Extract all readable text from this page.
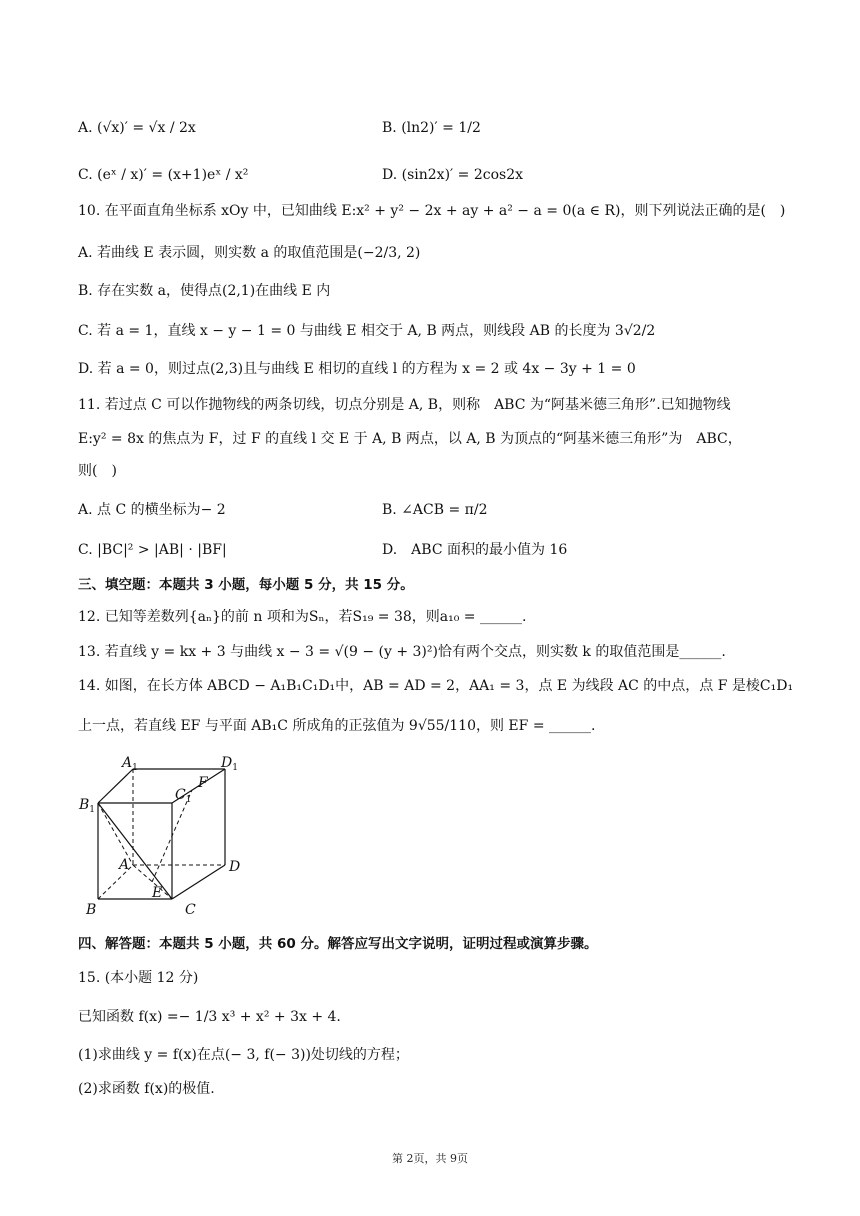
A. (√x)′ = √x / 2x	B. (ln2)′ = 1/2
C. (eˣ / x)′ = (x+1)eˣ / x²	D. (sin2x)′ = 2cos2x
10. 在平面直角坐标系 xOy 中，已知曲线 E:x² + y² − 2x + ay + a² − a = 0(a ∈ R)，则下列说法正确的是(　)
A. 若曲线 E 表示圆，则实数 a 的取值范围是(−2/3, 2)
B. 存在实数 a，使得点(2,1)在曲线 E 内
C. 若 a = 1，直线 x − y − 1 = 0 与曲线 E 相交于 A, B 两点，则线段 AB 的长度为 3√2/2
D. 若 a = 0，则过点(2,3)且与曲线 E 相切的直线 l 的方程为 x = 2 或 4x − 3y + 1 = 0
11. 若过点 C 可以作抛物线的两条切线，切点分别是 A, B，则称　ABC 为“阿基米德三角形”.已知抛物线
E:y² = 8x 的焦点为 F，过 F 的直线 l 交 E 于 A, B 两点，以 A, B 为顶点的“阿基米德三角形”为　ABC，
则(　)
A. 点 C 的横坐标为− 2	B. ∠ACB = π/2
C. |BC|² > |AB| · |BF|	D.　ABC 面积的最小值为 16
三、填空题：本题共 3 小题，每小题 5 分，共 15 分。
12. 已知等差数列{aₙ}的前 n 项和为Sₙ，若S₁₉ = 38，则a₁₀ = ______.
13. 若直线 y = kx + 3 与曲线 x − 3 = √(9 − (y + 3)²)恰有两个交点，则实数 k 的取值范围是______.
14. 如图，在长方体 ABCD − A₁B₁C₁D₁中，AB = AD = 2，AA₁ = 3，点 E 为线段 AC 的中点，点 F 是棱C₁D₁
上一点，若直线 EF 与平面 AB₁C 所成角的正弦值为 9√55/110，则 EF = ______.
$A_1$	$D_1$
$B_1$
$C_1$
F
A	D
E
B	C
四、解答题：本题共 5 小题，共 60 分。解答应写出文字说明，证明过程或演算步骤。
15. (本小题 12 分)
已知函数 f(x) =− 1/3 x³ + x² + 3x + 4.
(1)求曲线 y = f(x)在点(− 3, f(− 3))处切线的方程；
(2)求函数 f(x)的极值.
第 2页，共 9页
